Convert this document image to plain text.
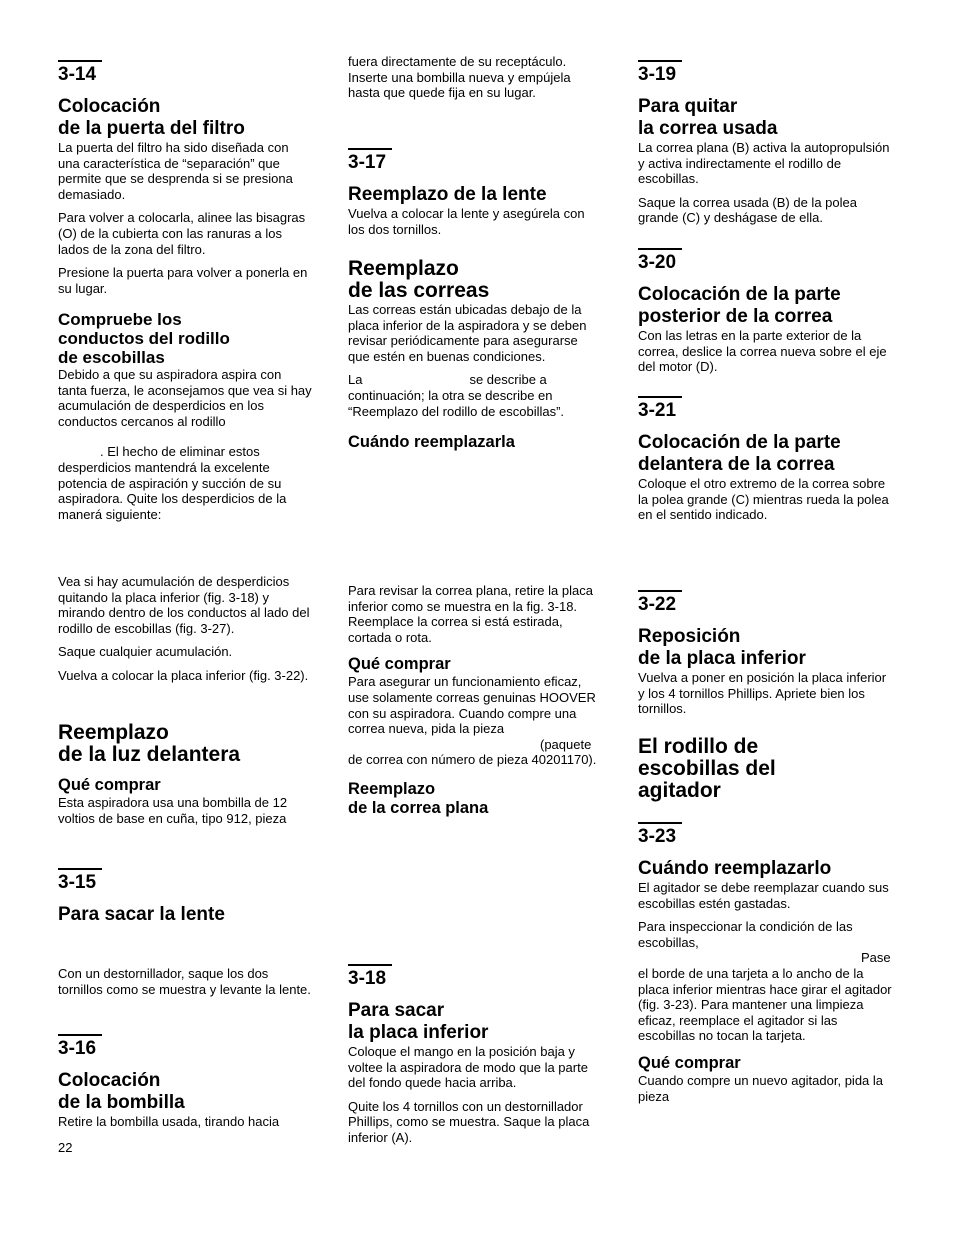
3-14
Colocación
de la puerta del filtro

La puerta del filtro ha sido diseñada con una característica de “separación” que permite que se desprenda si se presiona demasiado.

Para volver a colocarla, alinee las bisagras (O) de la cubierta con las ranuras a los lados de la zona del filtro.

Presione la puerta para volver a ponerla en su lugar.

Compruebe los
conductos del rodillo
de escobillas

Debido a que su aspiradora aspira con tanta fuerza, le aconsejamos que vea si hay acumulación de desperdicios en los conductos cercanos al rodillo

. El hecho de eliminar estos desperdicios mantendrá la excelente potencia de aspiración y succión de su aspiradora. Quite los desperdicios de la manerá siguiente:

Vea si hay acumulación de desperdicios quitando la placa inferior (fig. 3-18) y mirando dentro de los conductos al lado del rodillo de escobillas (fig. 3-27).

Saque cualquier acumulación.

Vuelva a colocar la placa inferior (fig. 3-22).

Reemplazo
de la luz delantera
Qué comprar

Esta aspiradora usa una bombilla de 12 voltios de base en cuña, tipo 912, pieza

3-15
Para sacar la lente

Con un destornillador, saque los dos tornillos como se muestra y levante la lente.

3-16
Colocación
de la bombilla

Retire la bombilla usada, tirando hacia

fuera directamente de su receptáculo. Inserte una bombilla nueva y empújela hasta que quede fija en su lugar.

3-17
Reemplazo de la lente

Vuelva a colocar la lente y asegúrela con los dos tornillos.

Reemplazo
de las correas

Las correas están ubicadas debajo de la placa inferior de la aspiradora y se deben revisar periódicamente para asegurarse que estén en buenas condiciones.

La	se describe a
continuación; la otra se describe en “Reemplazo del rodillo de escobillas”.

Cuándo reemplazarla

Para revisar la correa plana, retire la placa inferior como se muestra en la fig. 3-18. Reemplace la correa si está estirada, cortada o rota.

Qué comprar

Para asegurar un funcionamiento eficaz, use solamente correas genuinas HOOVER con su aspiradora. Cuando compre una correa nueva, pida la pieza
(paquete
de correa con número de pieza 40201170).

Reemplazo
de la correa plana
3-18
Para sacar
la placa inferior

Coloque el mango en la posición baja y voltee la aspiradora de modo que la parte del fondo quede hacia arriba.

Quite los 4 tornillos con un destornillador Phillips, como se muestra. Saque la placa inferior (A).

3-19
Para quitar
la correa usada

La correa plana (B) activa la autopropulsión y activa indirectamente el rodillo de escobillas.

Saque la correa usada (B) de la polea grande (C) y deshágase de ella.

3-20
Colocación de la parte
posterior de la correa

Con las letras en la parte exterior de la correa, deslice la correa nueva sobre el eje del motor (D).

3-21
Colocación de la parte
delantera de la correa

Coloque el otro extremo de la correa sobre la polea grande (C) mientras rueda la polea en el sentido indicado.

3-22
Reposición
de la placa inferior

Vuelva a poner en posición la placa inferior y los 4 tornillos Phillips. Apriete bien los tornillos.

El rodillo de
escobillas del
agitador
3-23
Cuándo reemplazarlo

El agitador se debe reemplazar cuando sus escobillas estén gastadas.

Para inspeccionar la condición de las escobillas,
Pase
el borde de una tarjeta a lo ancho de la placa inferior mientras hace girar el agitador (fig. 3-23). Para mantener una limpieza eficaz, reemplace el agitador si las escobillas no tocan la tarjeta.

Qué comprar

Cuando compre un nuevo agitador, pida la pieza

22
